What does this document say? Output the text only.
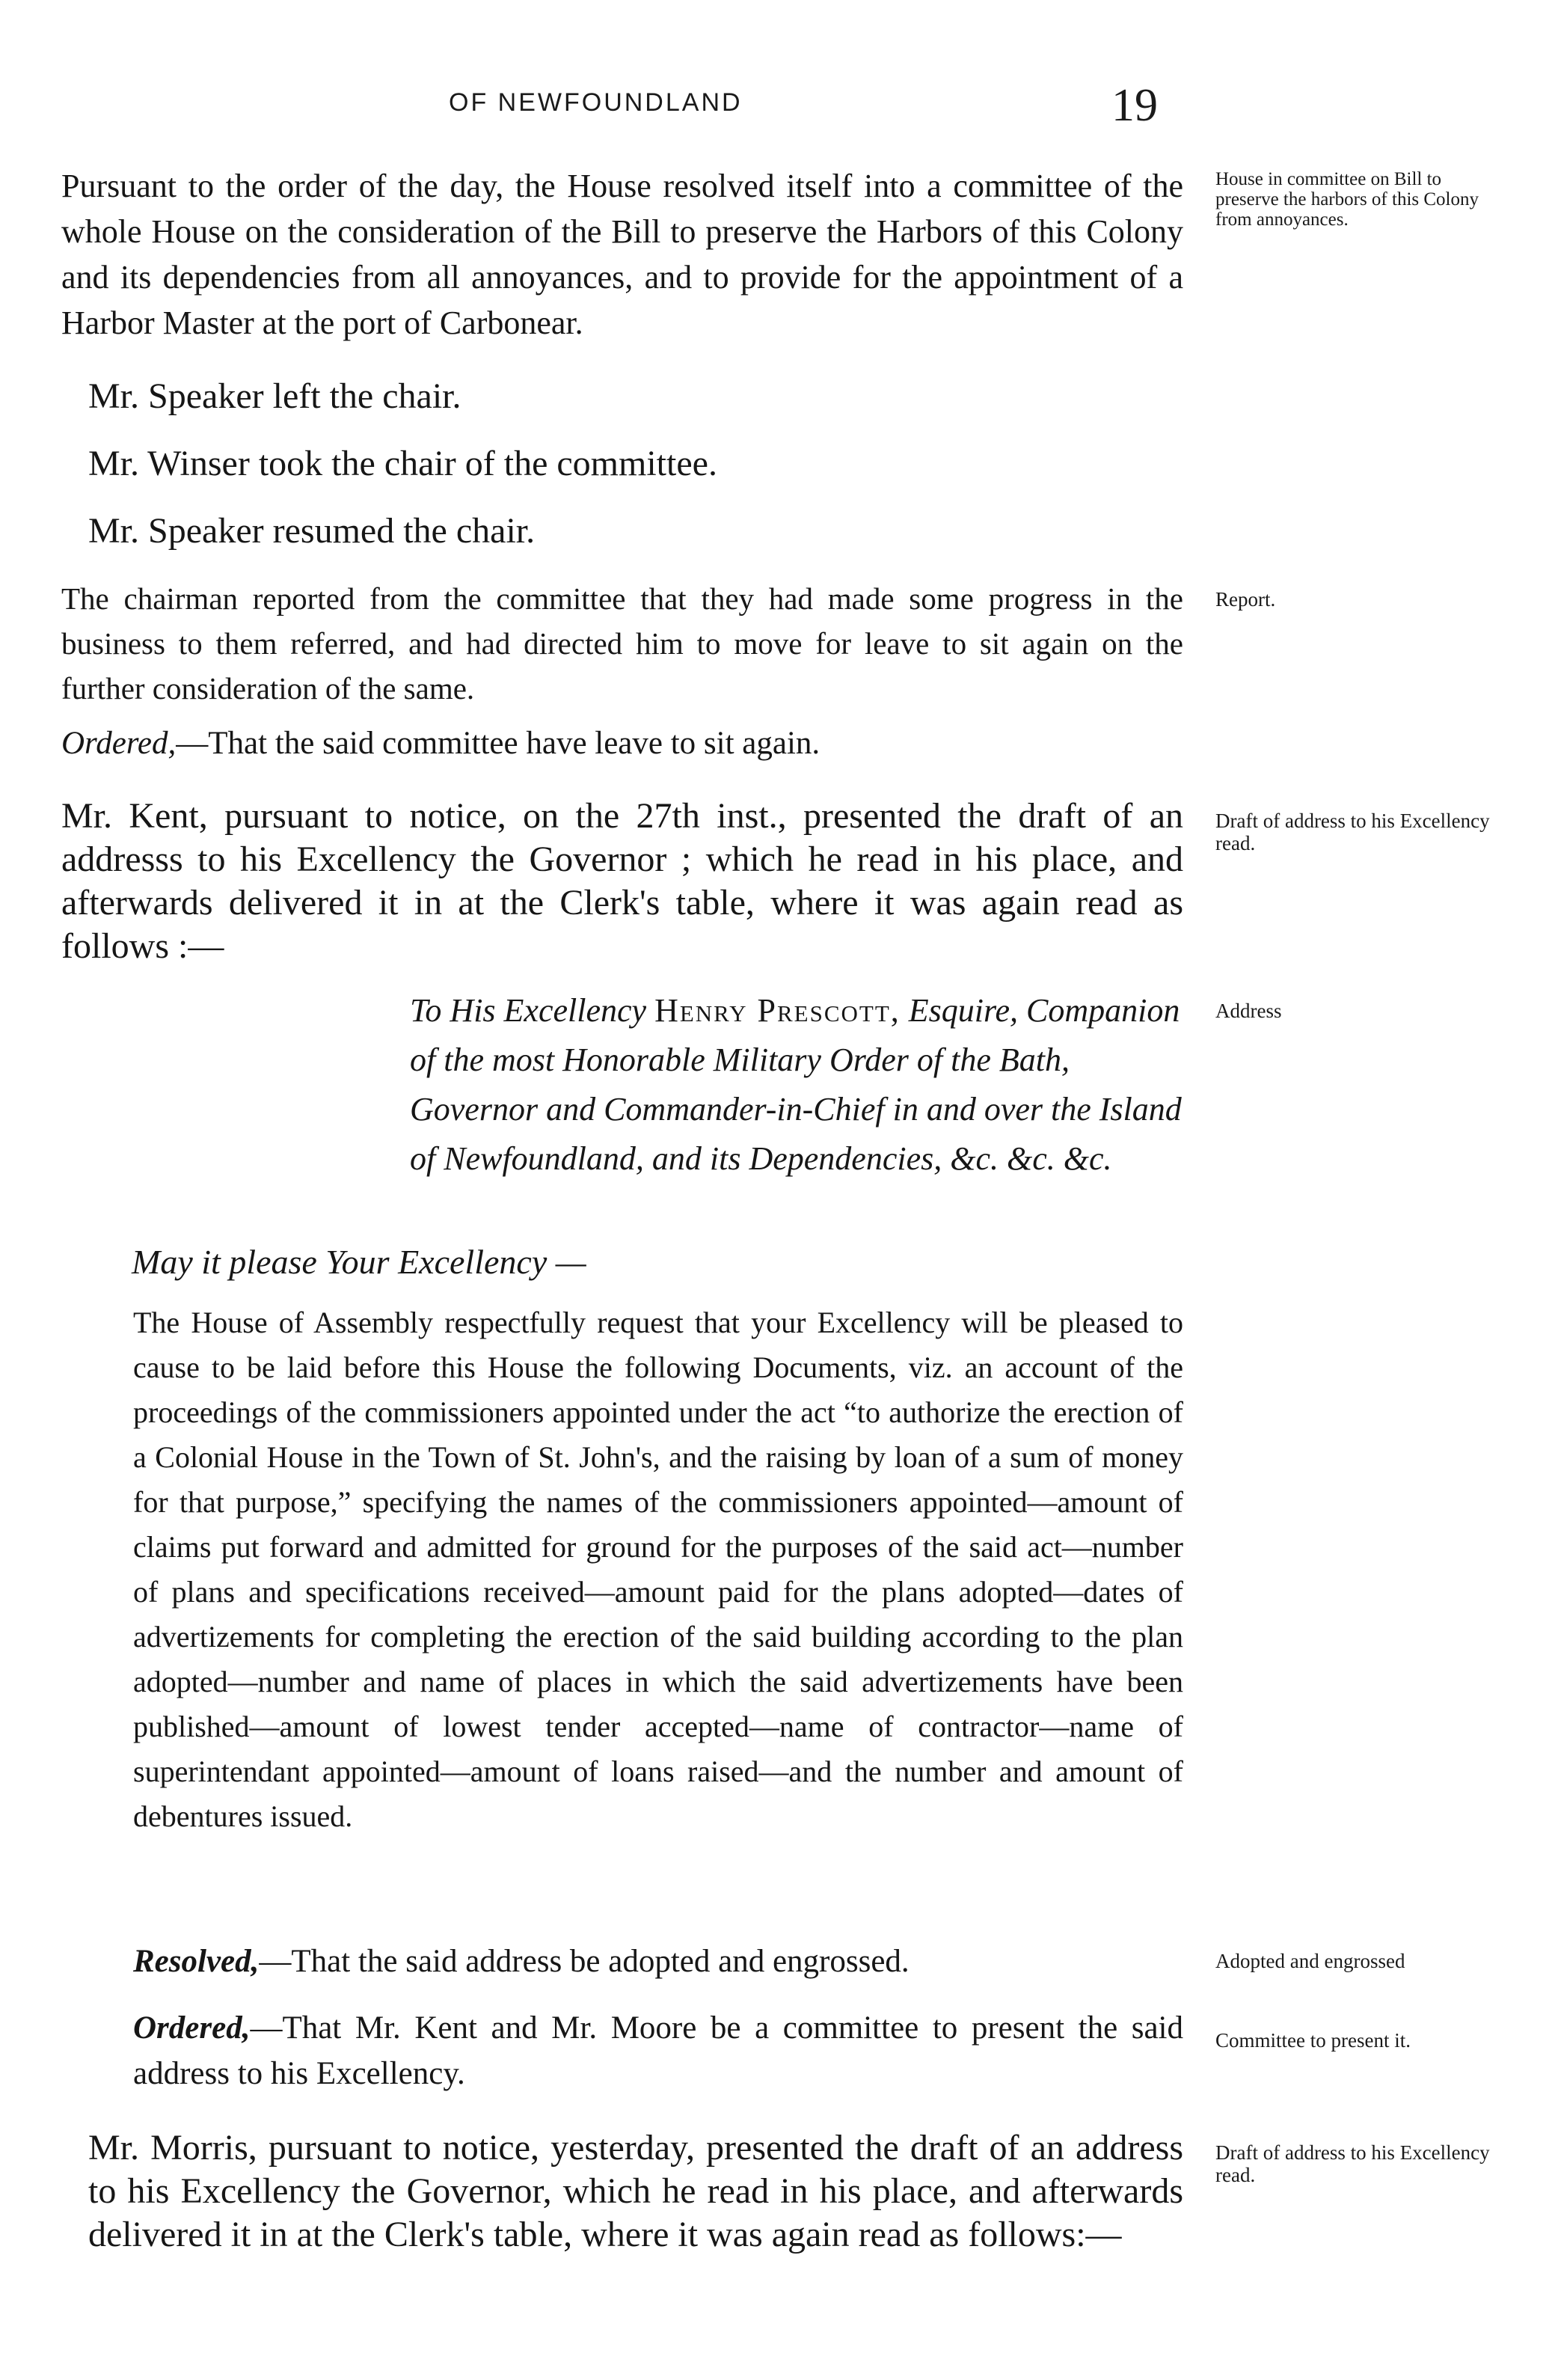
OF NEWFOUNDLAND	19

Pursuant to the order of the day, the House resolved itself into a committee of the whole House on the consideration of the Bill to preserve the Harbors of this Colony and its dependencies from all annoyances, and to provide for the appointment of a Harbor Master at the port of Carbonear.

Mr. Speaker left the chair.

Mr. Winser took the chair of the committee.

Mr. Speaker resumed the chair.

The chairman reported from the committee that they had made some progress in the business to them referred, and had directed him to move for leave to sit again on the further consideration of the same.

Ordered,—That the said committee have leave to sit again.

Mr. Kent, pursuant to notice, on the 27th inst., presented the draft of an addresss to his Excellency the Governor ; which he read in his place, and afterwards delivered it in at the Clerk's table, where it was again read as follows :—

To His Excellency Henry Prescott, Esquire, Companion of the most Honorable Military Order of the Bath, Governor and Commander-in-Chief in and over the Island of Newfoundland, and its Dependencies, &c. &c. &c.

May it please Your Excellency —

The House of Assembly respectfully request that your Excellency will be pleased to cause to be laid before this House the following Documents, viz. an account of the proceedings of the commissioners appointed under the act “to authorize the erection of a Colonial House in the Town of St. John's, and the raising by loan of a sum of money for that purpose,” specifying the names of the commissioners appointed—amount of claims put forward and admitted for ground for the purposes of the said act—number of plans and specifications received—amount paid for the plans adopted—dates of advertizements for completing the erection of the said building according to the plan adopted—number and name of places in which the said advertizements have been published—amount of lowest tender accepted—name of contractor—name of superintendant appointed—amount of loans raised—and the number and amount of debentures issued.

Resolved,—That the said address be adopted and engrossed.

Ordered,—That Mr. Kent and Mr. Moore be a committee to present the said address to his Excellency.

Mr. Morris, pursuant to notice, yesterday, presented the draft of an address to his Excellency the Governor, which he read in his place, and afterwards delivered it in at the Clerk's table, where it was again read as follows:—

House in committee on Bill to preserve the harbors of this Colony from annoyances.

Report.

Draft of address to his Excellency read.

Address

Adopted and engrossed

Committee to present it.

Draft of address to his Excellency read.
